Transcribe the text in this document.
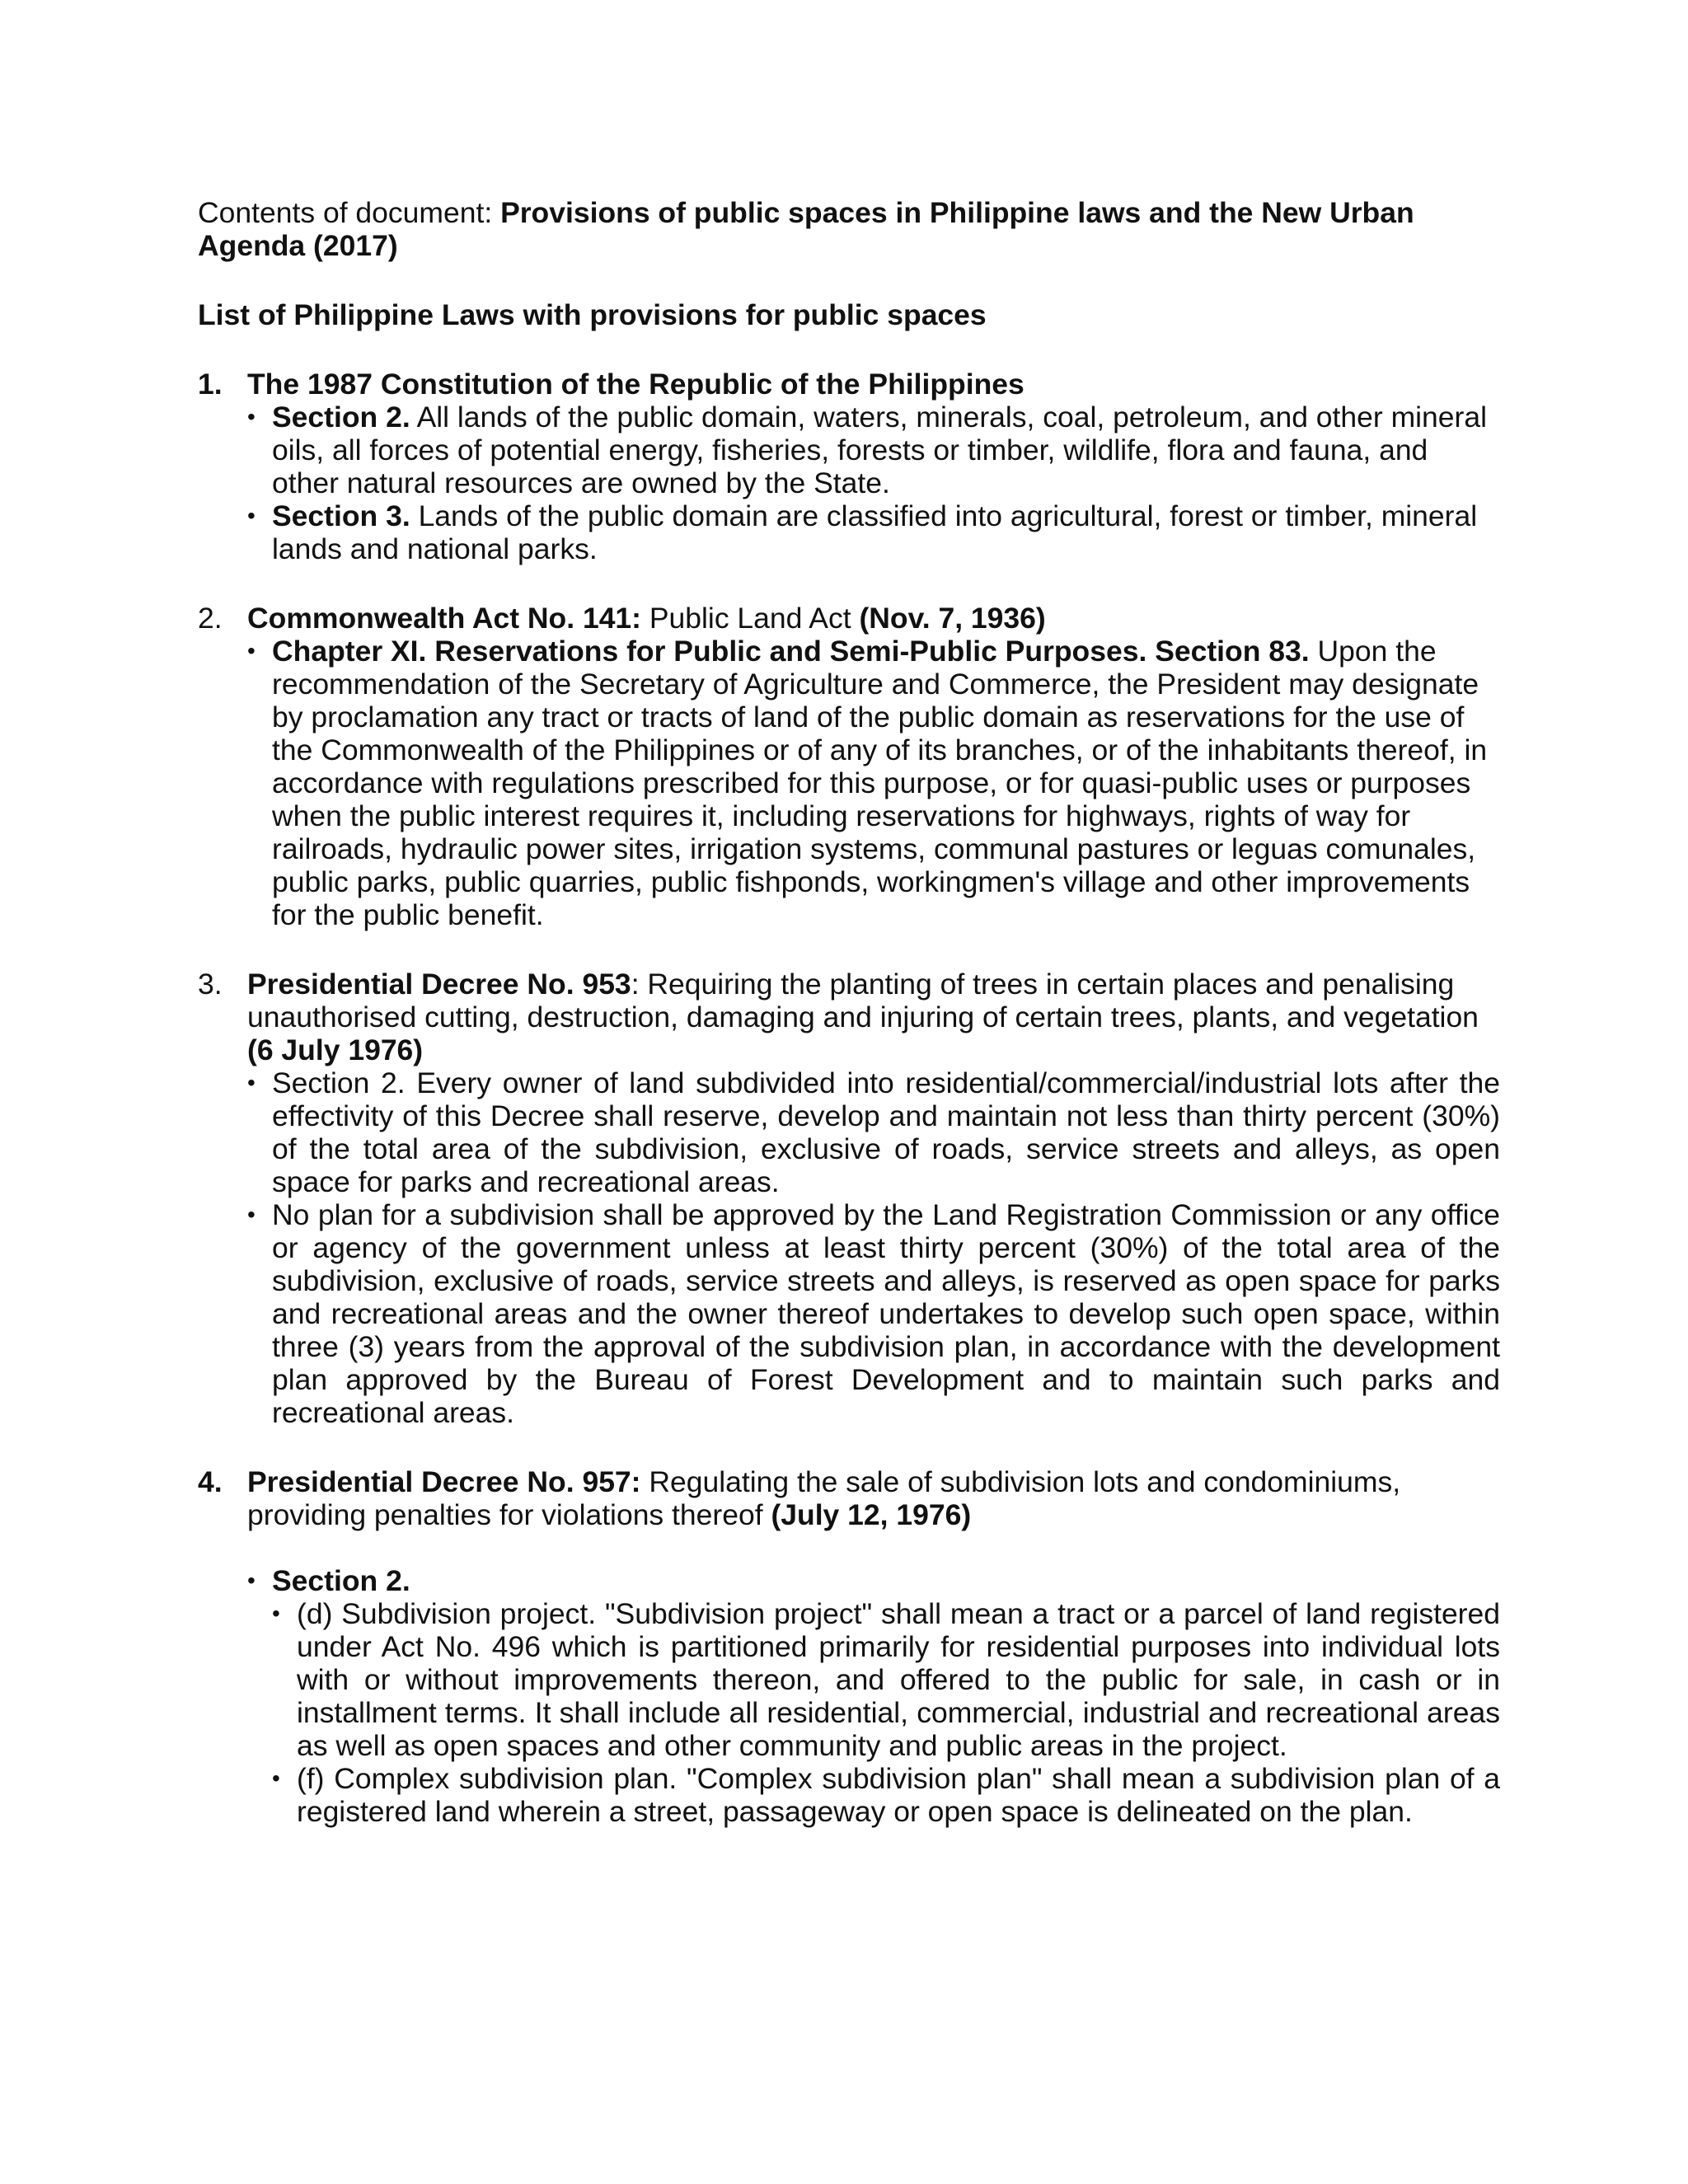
Contents of document: Provisions of public spaces in Philippine laws and the New Urban Agenda (2017)

List of Philippine Laws with provisions for public spaces

1. The 1987 Constitution of the Republic of the Philippines
• Section 2. All lands of the public domain, waters, minerals, coal, petroleum, and other mineral oils, all forces of potential energy, fisheries, forests or timber, wildlife, flora and fauna, and other natural resources are owned by the State.
• Section 3. Lands of the public domain are classified into agricultural, forest or timber, mineral lands and national parks.
2. Commonwealth Act No. 141: Public Land Act (Nov. 7, 1936)
• Chapter XI. Reservations for Public and Semi-Public Purposes. Section 83. Upon the recommendation of the Secretary of Agriculture and Commerce, the President may designate by proclamation any tract or tracts of land of the public domain as reservations for the use of the Commonwealth of the Philippines or of any of its branches, or of the inhabitants thereof, in accordance with regulations prescribed for this purpose, or for quasi-public uses or purposes when the public interest requires it, including reservations for highways, rights of way for railroads, hydraulic power sites, irrigation systems, communal pastures or leguas comunales, public parks, public quarries, public fishponds, workingmen's village and other improvements for the public benefit.
3. Presidential Decree No. 953: Requiring the planting of trees in certain places and penalising unauthorised cutting, destruction, damaging and injuring of certain trees, plants, and vegetation (6 July 1976)
• Section 2. Every owner of land subdivided into residential/commercial/industrial lots after the effectivity of this Decree shall reserve, develop and maintain not less than thirty percent (30%) of the total area of the subdivision, exclusive of roads, service streets and alleys, as open space for parks and recreational areas.
• No plan for a subdivision shall be approved by the Land Registration Commission or any office or agency of the government unless at least thirty percent (30%) of the total area of the subdivision, exclusive of roads, service streets and alleys, is reserved as open space for parks and recreational areas and the owner thereof undertakes to develop such open space, within three (3) years from the approval of the subdivision plan, in accordance with the development plan approved by the Bureau of Forest Development and to maintain such parks and recreational areas.
4. Presidential Decree No. 957: Regulating the sale of subdivision lots and condominiums, providing penalties for violations thereof (July 12, 1976)
• Section 2.
• (d) Subdivision project. "Subdivision project" shall mean a tract or a parcel of land registered under Act No. 496 which is partitioned primarily for residential purposes into individual lots with or without improvements thereon, and offered to the public for sale, in cash or in installment terms. It shall include all residential, commercial, industrial and recreational areas as well as open spaces and other community and public areas in the project.
• (f) Complex subdivision plan. "Complex subdivision plan" shall mean a subdivision plan of a registered land wherein a street, passageway or open space is delineated on the plan.
